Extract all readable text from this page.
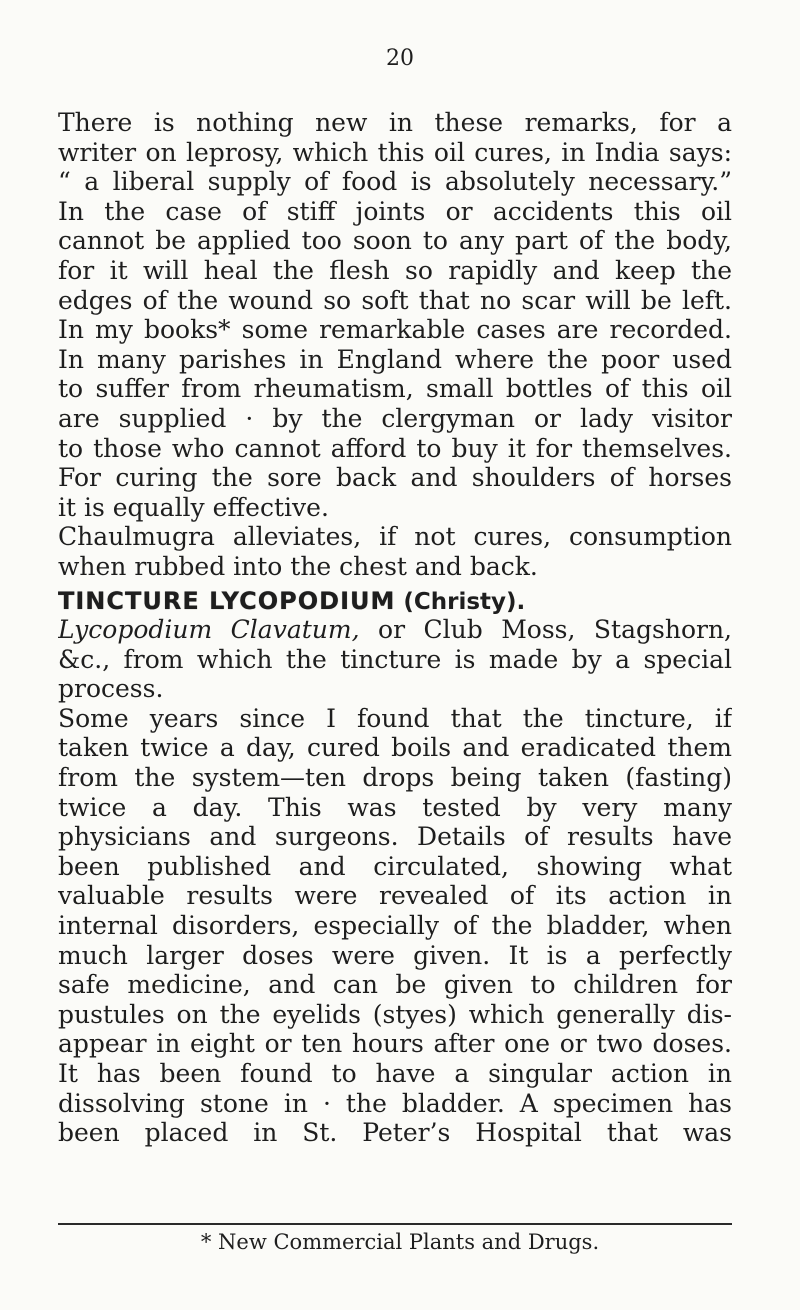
20
There is nothing new in these remarks, for a
writer on leprosy, which this oil cures, in India says:
“ a liberal supply of food is absolutely necessary.”
In the case of stiff joints or accidents this oil
cannot be applied too soon to any part of the body,
for it will heal the flesh so rapidly and keep the
edges of the wound so soft that no scar will be left.
In my books* some remarkable cases are recorded.
In many parishes in England where the poor used
to suffer from rheumatism, small bottles of this oil
are supplied · by the clergyman or lady visitor
to those who cannot afford to buy it for themselves.
For curing the sore back and shoulders of horses
it is equally effective.
Chaulmugra alleviates, if not cures, consumption
when rubbed into the chest and back.
TINCTURE LYCOPODIUM (Christy).
Lycopodium Clavatum, or Club Moss, Stagshorn,
&c., from which the tincture is made by a special
process.
Some years since I found that the tincture, if
taken twice a day, cured boils and eradicated them
from the system—ten drops being taken (fasting)
twice a day. This was tested by very many
physicians and surgeons. Details of results have
been published and circulated, showing what
valuable results were revealed of its action in
internal disorders, especially of the bladder, when
much larger doses were given. It is a perfectly
safe medicine, and can be given to children for
pustules on the eyelids (styes) which generally dis-
appear in eight or ten hours after one or two doses.
It has been found to have a singular action in
dissolving stone in · the bladder. A specimen has
been placed in St. Peter’s Hospital that was
* New Commercial Plants and Drugs.
